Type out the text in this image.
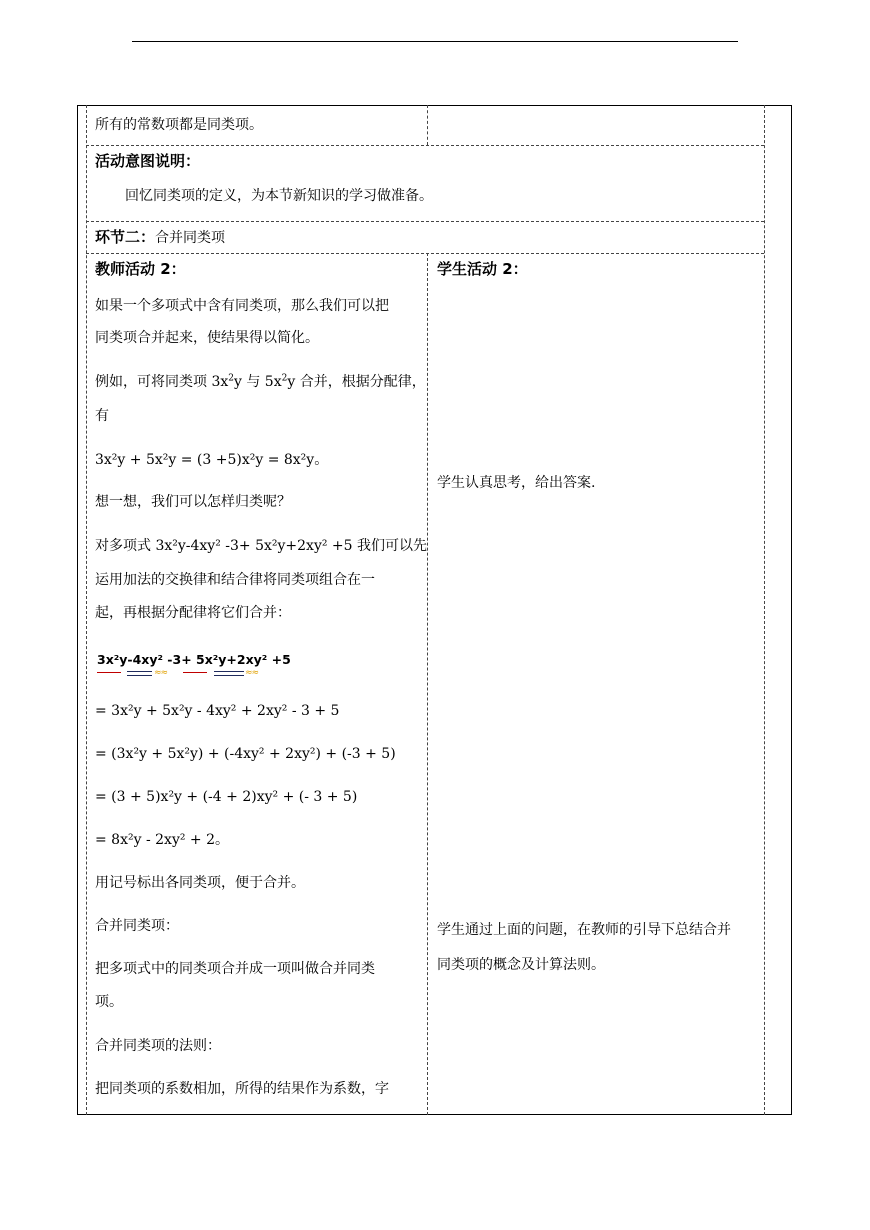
所有的常数项都是同类项。
活动意图说明：
回忆同类项的定义，为本节新知识的学习做准备。
环节二：合并同类项
教师活动 2：
如果一个多项式中含有同类项，那么我们可以把
同类项合并起来，使结果得以简化。
例如，可将同类项 $3x^2y$ 与 $5x^2y$ 合并，根据分配律，
有
3x²y + 5x²y = (3 +5)x²y = 8x²y。
想一想，我们可以怎样归类呢？
对多项式 3x²y-4xy² -3+ 5x²y+2xy² +5 我们可以先
运用加法的交换律和结合律将同类项组合在一
起，再根据分配律将它们合并：
3x²y-4xy² -3+ 5x²y+2xy² +5
≈≈	≈≈
= 3x²y + 5x²y - 4xy² + 2xy² - 3 + 5
= (3x²y + 5x²y) + (-4xy² + 2xy²) + (-3 + 5)
= (3 + 5)x²y + (-4 + 2)xy² + (- 3 + 5)
= 8x²y - 2xy² + 2。
用记号标出各同类项，便于合并。
合并同类项：
把多项式中的同类项合并成一项叫做合并同类
项。
合并同类项的法则：
把同类项的系数相加，所得的结果作为系数，字
学生活动 2：
学生认真思考，给出答案.
学生通过上面的问题，在教师的引导下总结合并
同类项的概念及计算法则。
